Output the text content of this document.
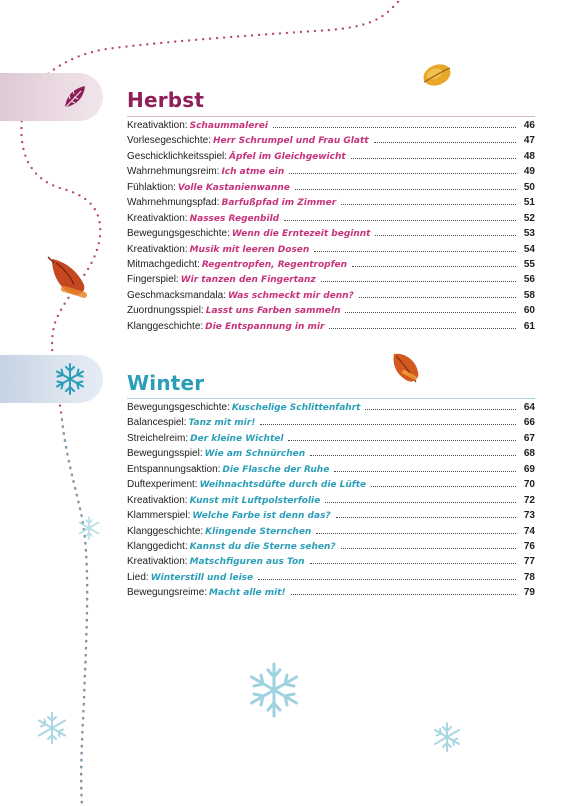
Herbst
Kreativaktion: Schaummalerei	46
Vorlesegeschichte: Herr Schrumpel und Frau Glatt	47
Geschicklichkeitsspiel: Äpfel im Gleichgewicht	48
Wahrnehmungsreim: Ich atme ein	49
Fühlaktion: Volle Kastanienwanne	50
Wahrnehmungspfad: Barfußpfad im Zimmer	51
Kreativaktion: Nasses Regenbild	52
Bewegungsgeschichte: Wenn die Erntezeit beginnt	53
Kreativaktion: Musik mit leeren Dosen	54
Mitmachgedicht: Regentropfen, Regentropfen	55
Fingerspiel: Wir tanzen den Fingertanz	56
Geschmacksmandala: Was schmeckt mir denn?	58
Zuordnungsspiel: Lasst uns Farben sammeln	60
Klanggeschichte: Die Entspannung in mir	61
Winter
Bewegungsgeschichte: Kuschelige Schlittenfahrt	64
Balancespiel: Tanz mit mir!	66
Streichelreim: Der kleine Wichtel	67
Bewegungsspiel: Wie am Schnürchen	68
Entspannungsaktion: Die Flasche der Ruhe	69
Duftexperiment: Weihnachtsdüfte durch die Lüfte	70
Kreativaktion: Kunst mit Luftpolsterfolie	72
Klammerspiel: Welche Farbe ist denn das?	73
Klanggeschichte: Klingende Sternchen	74
Klanggedicht: Kannst du die Sterne sehen?	76
Kreativaktion: Matschfiguren aus Ton	77
Lied: Winterstill und leise	78
Bewegungsreime: Macht alle mit!	79
